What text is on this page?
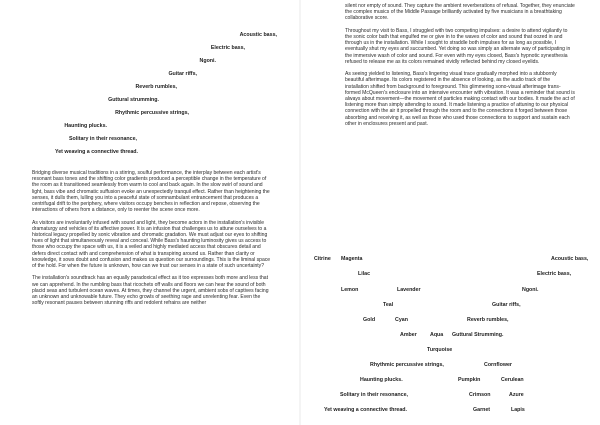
Acoustic bass,
Electric bass,
Ngoni.
Guitar riffs,
Reverb rumbles,
Guttural strumming.
Rhythmic percussive strings,
Haunting plucks.
Solitary in their resonance,
Yet weaving a connective thread.

Bridging diverse musical traditions in a stirring, soulful performance, the interplay between each artist's resonant bass tones and the shifting color gradients produced a perceptible change in the temperature of the room as it transitioned seamlessly from warm to cool and back again. In the slow swirl of sound and light, bass vibe and chromatic suffusion evoke an unexpectedly tranquil effect. Rather than heightening the senses, it dulls them, lulling you into a peaceful state of somnambulant entrancement that produces a centrifugal drift to the periphery, where visitors occupy benches in reflection and repose, observing the interactions of others from a distance, only to reenter the scene once more.

As visitors are involuntarily infused with sound and light, they become actors in the installation's invisible dramaturgy and vehicles of its affective power. It is an infusion that challenges us to attune ourselves to a historical legacy propelled by sonic vibration and chromatic gradation. We must adjust our eyes to shifting hues of light that simultaneously reveal and conceal. While Bass's haunting luminosity gives us access to those who occupy the space with us, it is a veiled and highly mediated access that obscures detail and defers direct contact with and comprehension of what is transpiring around us. Rather than clarity or knowledge, it sows doubt and confusion and makes us question our surroundings. This is the liminal space of the hold. For when the future is unknown, how can we trust our senses in a state of such uncertainty?

The installation's soundtrack has an equally paradoxical effect as it too expresses both more and less that we can apprehend. In the rumbling bass that ricochets off walls and floors we can hear the sound of both placid seas and turbulent ocean waves. At times, they channel the urgent, ambient sobs of captives facing an unknown and unknowable future. They echo growls of seething rage and unrelenting fear. Even the softly resonant pauses between stunning riffs and redolent refrains are neither

silent nor empty of sound. They capture the ambient reverberations of refusal. Together, they enunciate the complex musics of the Middle Passage brilliantly activated by five musicians in a breathtaking collaborative score.

Throughout my visit to Bass, I struggled with two competing impulses: a desire to attend vigilantly to the sonic color bath that engulfed me or give in to the waves of color and sound that oozed in and through us in the installation. While I sought to straddle both impulses for as long as possible, I eventually shut my eyes and succumbed. Yet doing so was simply an alternate way of participating in the immersive wash of color and sound. For even with my eyes closed, Bass's hypnotic synesthesia refused to release me as its colors remained vividly reflected behind my closed eyelids.

As seeing yielded to listening, Bass's lingering visual trace gradually morphed into a stubbornly beautiful afterimage. Its colors registered in the absence of looking, as the audio track of the installation shifted from background to foreground. This glimmering sono-visual afterimage trans-formed McQueen's enclosure into an intensive encounter with vibration. It was a reminder that sound is always about movement—the movement of particles making contact with our bodies. It made the act of listening more than simply attending to sound. It made listening a practice of attuning to our physical connection with the air it propelled through the room and to the connections it forged between those absorbing and receiving it, as well as those who used those connections to support and sustain each other in enclosures present and past.

Citrine Magenta	Acoustic bass,
Lilac	Electric bass,
Lemon	Lavender	Ngoni.
Teal	Guitar riffs,
Gold	Cyan	Reverb rumbles,
Amber Aqua Guttural Strumming.
Turquoise
Rhythmic percussive strings,	Cornflower
Haunting plucks.	Pumpkin	Cerulean
Solitary in their resonance,	Crimson	Azure
Yet weaving a connective thread.	Garnet	Lapis
